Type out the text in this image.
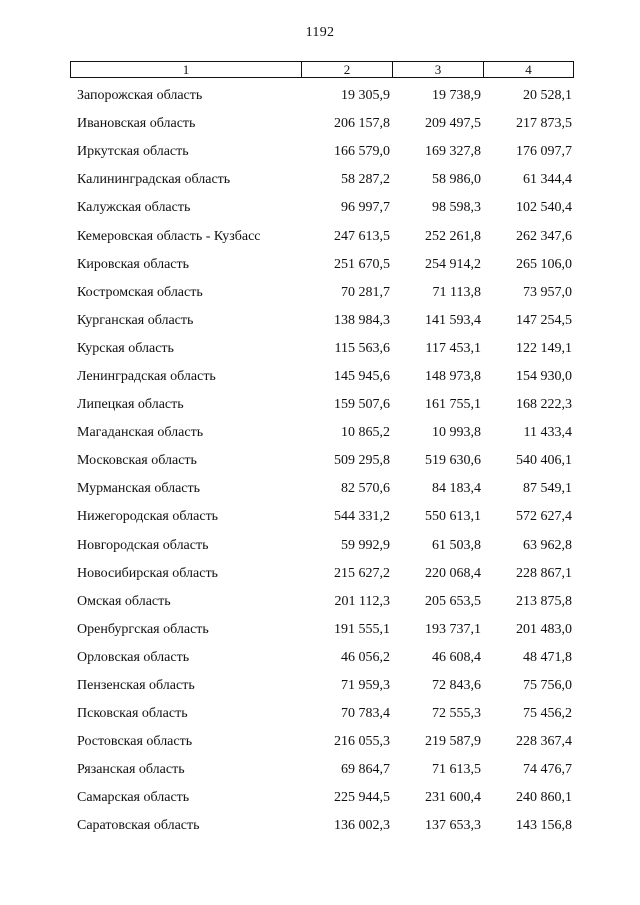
1192
1	2	3	4
Запорожская область	19 305,9	19 738,9	20 528,1
Ивановская область	206 157,8	209 497,5	217 873,5
Иркутская область	166 579,0	169 327,8	176 097,7
Калининградская область	58 287,2	58 986,0	61 344,4
Калужская область	96 997,7	98 598,3	102 540,4
Кемеровская область - Кузбасс	247 613,5	252 261,8	262 347,6
Кировская область	251 670,5	254 914,2	265 106,0
Костромская область	70 281,7	71 113,8	73 957,0
Курганская область	138 984,3	141 593,4	147 254,5
Курская область	115 563,6	117 453,1	122 149,1
Ленинградская область	145 945,6	148 973,8	154 930,0
Липецкая область	159 507,6	161 755,1	168 222,3
Магаданская область	10 865,2	10 993,8	11 433,4
Московская область	509 295,8	519 630,6	540 406,1
Мурманская область	82 570,6	84 183,4	87 549,1
Нижегородская область	544 331,2	550 613,1	572 627,4
Новгородская область	59 992,9	61 503,8	63 962,8
Новосибирская область	215 627,2	220 068,4	228 867,1
Омская область	201 112,3	205 653,5	213 875,8
Оренбургская область	191 555,1	193 737,1	201 483,0
Орловская область	46 056,2	46 608,4	48 471,8
Пензенская область	71 959,3	72 843,6	75 756,0
Псковская область	70 783,4	72 555,3	75 456,2
Ростовская область	216 055,3	219 587,9	228 367,4
Рязанская область	69 864,7	71 613,5	74 476,7
Самарская область	225 944,5	231 600,4	240 860,1
Саратовская область	136 002,3	137 653,3	143 156,8
